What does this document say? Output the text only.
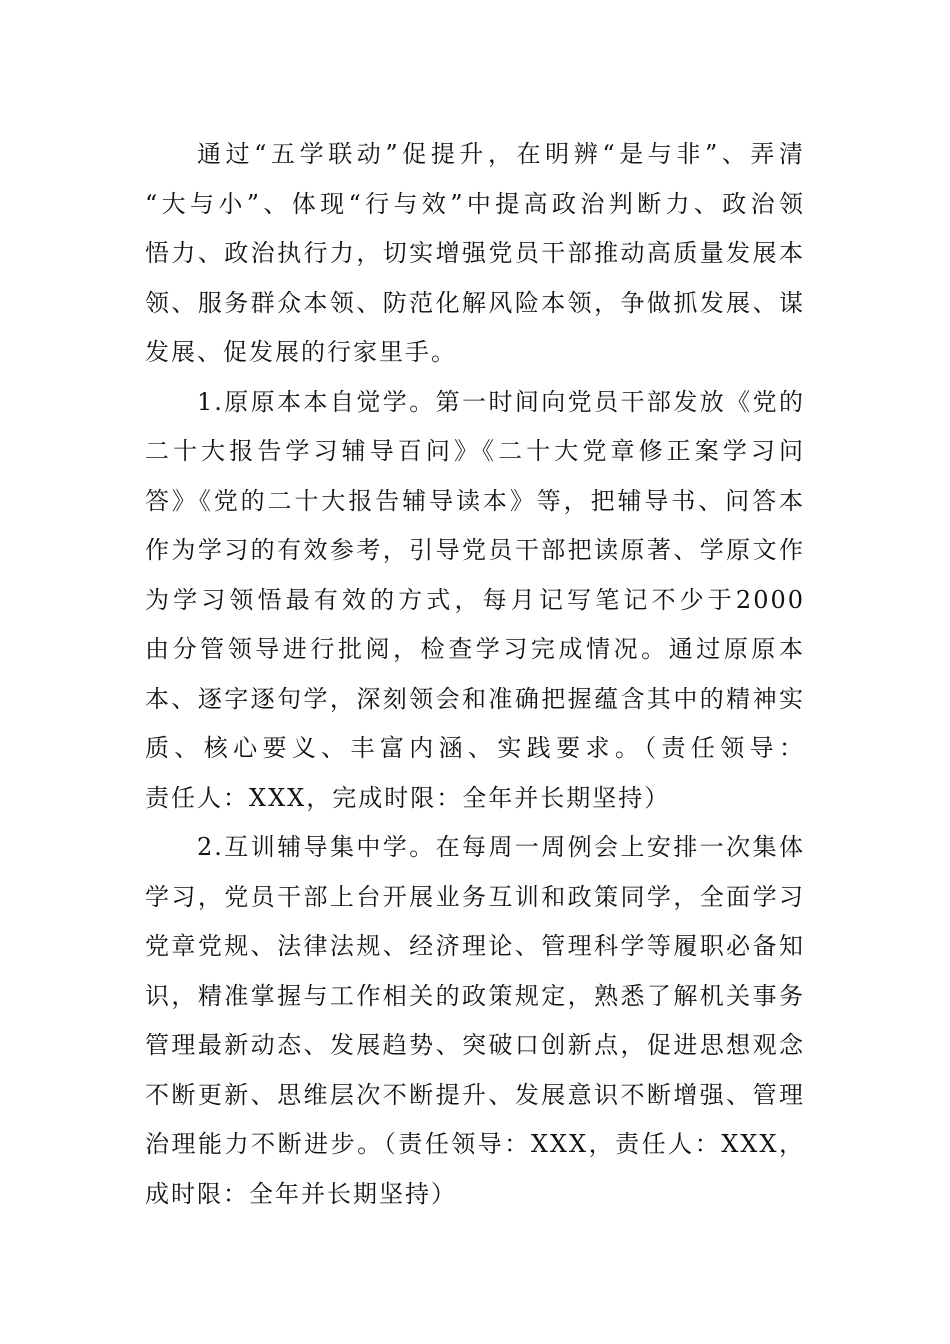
通过“五学联动”促提升，在明辨“是与非”、弄清
“大与小”、体现“行与效”中提高政治判断力、政治领
悟力、政治执行力，切实增强党员干部推动高质量发展本
领、服务群众本领、防范化解风险本领，争做抓发展、谋
发展、促发展的行家里手。
1.原原本本自觉学。第一时间向党员干部发放《党的
二十大报告学习辅导百问》《二十大党章修正案学习问
答》《党的二十大报告辅导读本》等，把辅导书、问答本
作为学习的有效参考，引导党员干部把读原著、学原文作
为学习领悟最有效的方式，每月记写笔记不少于2000
由分管领导进行批阅，检查学习完成情况。通过原原本
本、逐字逐句学，深刻领会和准确把握蕴含其中的精神实
质、核心要义、丰富内涵、实践要求。（责任领导：
责任人：XXX，完成时限：全年并长期坚持）
2.互训辅导集中学。在每周一周例会上安排一次集体
学习，党员干部上台开展业务互训和政策同学，全面学习
党章党规、法律法规、经济理论、管理科学等履职必备知
识，精准掌握与工作相关的政策规定，熟悉了解机关事务
管理最新动态、发展趋势、突破口创新点，促进思想观念
不断更新、思维层次不断提升、发展意识不断增强、管理
治理能力不断进步。（责任领导：XXX，责任人：XXX，
成时限：全年并长期坚持）
